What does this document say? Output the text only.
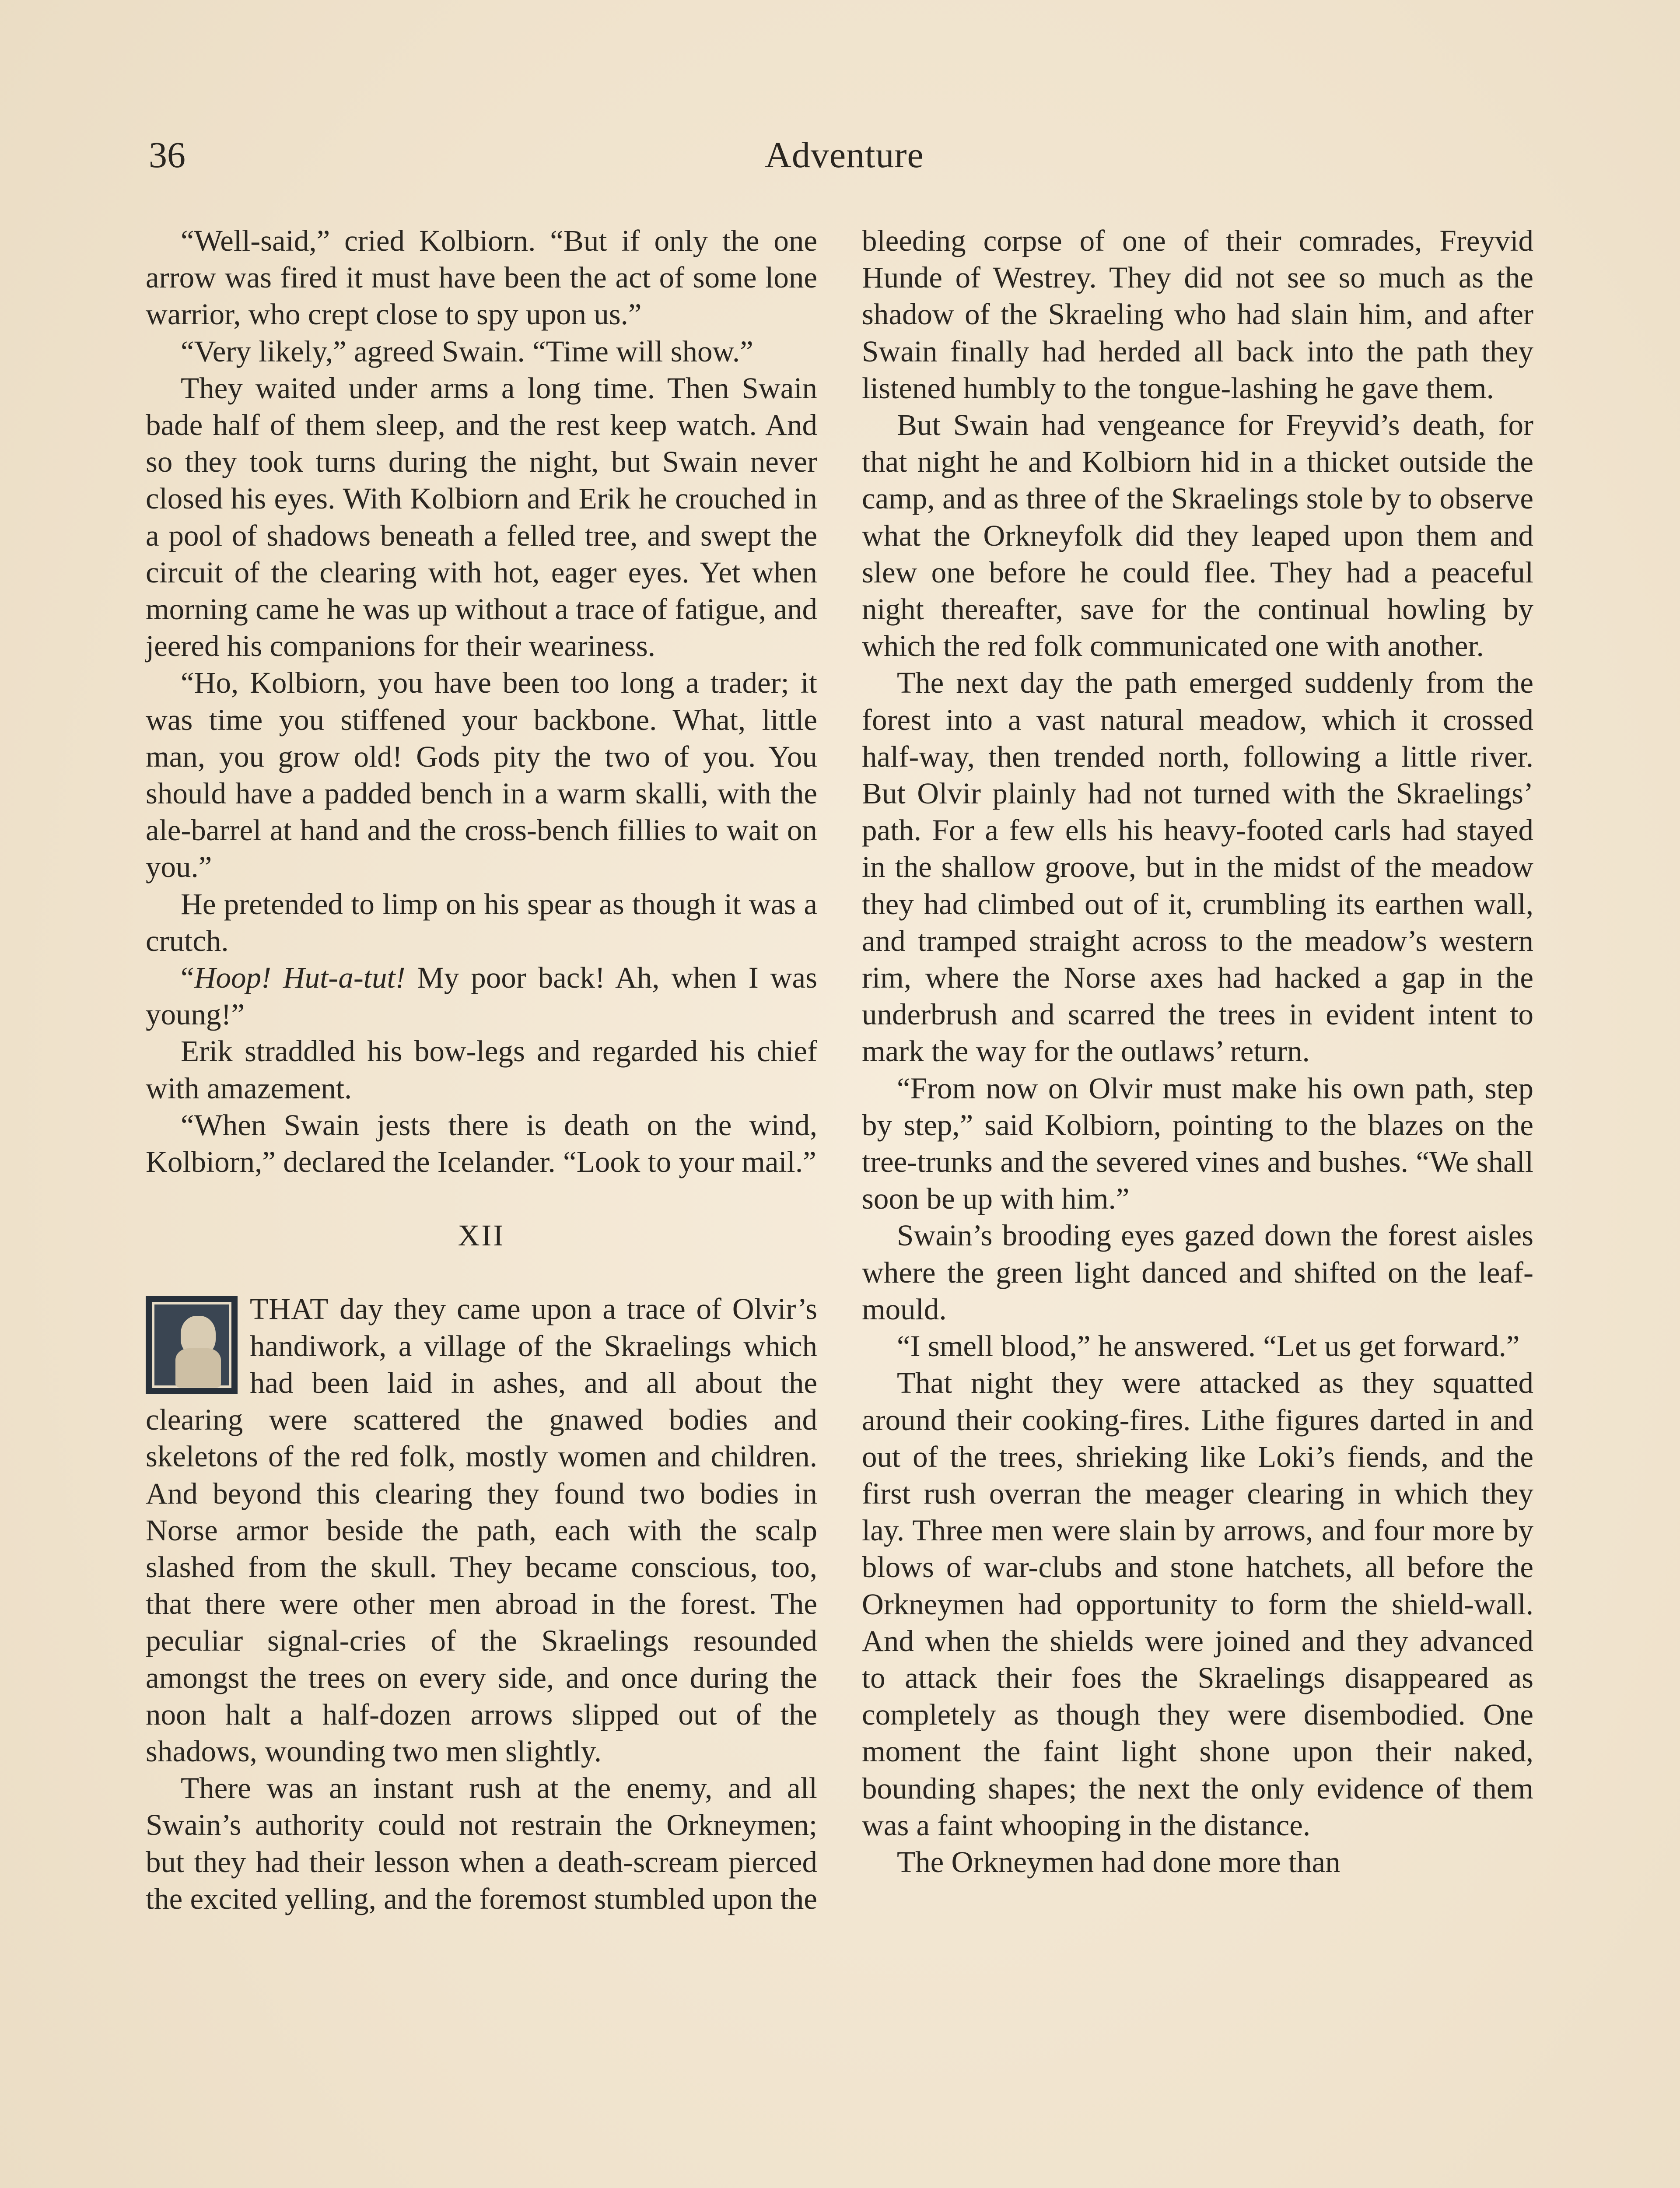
36	Adventure

“Well-said,” cried Kolbiorn. “But if only the one arrow was fired it must have been the act of some lone warrior, who crept close to spy upon us.”

“Very likely,” agreed Swain. “Time will show.”

They waited under arms a long time. Then Swain bade half of them sleep, and the rest keep watch. And so they took turns during the night, but Swain never closed his eyes. With Kolbiorn and Erik he crouched in a pool of shadows beneath a felled tree, and swept the circuit of the clearing with hot, eager eyes. Yet when morning came he was up without a trace of fatigue, and jeered his companions for their weariness.

“Ho, Kolbiorn, you have been too long a trader; it was time you stiffened your backbone. What, little man, you grow old! Gods pity the two of you. You should have a padded bench in a warm skalli, with the ale-barrel at hand and the cross-bench fillies to wait on you.”

He pretended to limp on his spear as though it was a crutch.

“Hoop! Hut-a-tut! My poor back! Ah, when I was young!”

Erik straddled his bow-legs and regarded his chief with amazement.

“When Swain jests there is death on the wind, Kolbiorn,” declared the Icelander. “Look to your mail.”

XII

THAT day they came upon a trace of Olvir’s handiwork, a village of the Skraelings which had been laid in ashes, and all about the clearing were scattered the gnawed bodies and skeletons of the red folk, mostly women and children. And beyond this clearing they found two bodies in Norse armor beside the path, each with the scalp slashed from the skull. They became conscious, too, that there were other men abroad in the forest. The peculiar signal-cries of the Skraelings resounded amongst the trees on every side, and once during the noon halt a half-dozen arrows slipped out of the shadows, wounding two men slightly.

There was an instant rush at the enemy, and all Swain’s authority could not restrain the Orkneymen; but they had their lesson when a death-scream pierced the excited yelling, and the foremost stumbled upon the

bleeding corpse of one of their comrades, Freyvid Hunde of Westrey. They did not see so much as the shadow of the Skraeling who had slain him, and after Swain finally had herded all back into the path they listened humbly to the tongue-lashing he gave them.

But Swain had vengeance for Freyvid’s death, for that night he and Kolbiorn hid in a thicket outside the camp, and as three of the Skraelings stole by to observe what the Orkneyfolk did they leaped upon them and slew one before he could flee. They had a peaceful night thereafter, save for the continual howling by which the red folk communicated one with another.

The next day the path emerged suddenly from the forest into a vast natural meadow, which it crossed half-way, then trended north, following a little river. But Olvir plainly had not turned with the Skraelings’ path. For a few ells his heavy-footed carls had stayed in the shallow groove, but in the midst of the meadow they had climbed out of it, crumbling its earthen wall, and tramped straight across to the meadow’s western rim, where the Norse axes had hacked a gap in the underbrush and scarred the trees in evident intent to mark the way for the outlaws’ return.

“From now on Olvir must make his own path, step by step,” said Kolbiorn, pointing to the blazes on the tree-trunks and the severed vines and bushes. “We shall soon be up with him.”

Swain’s brooding eyes gazed down the forest aisles where the green light danced and shifted on the leaf-mould.

“I smell blood,” he answered. “Let us get forward.”

That night they were attacked as they squatted around their cooking-fires. Lithe figures darted in and out of the trees, shrieking like Loki’s fiends, and the first rush overran the meager clearing in which they lay. Three men were slain by arrows, and four more by blows of war-clubs and stone hatchets, all before the Orkneymen had opportunity to form the shield-wall. And when the shields were joined and they advanced to attack their foes the Skraelings disappeared as completely as though they were disembodied. One moment the faint light shone upon their naked, bounding shapes; the next the only evidence of them was a faint whooping in the distance.

The Orkneymen had done more than
